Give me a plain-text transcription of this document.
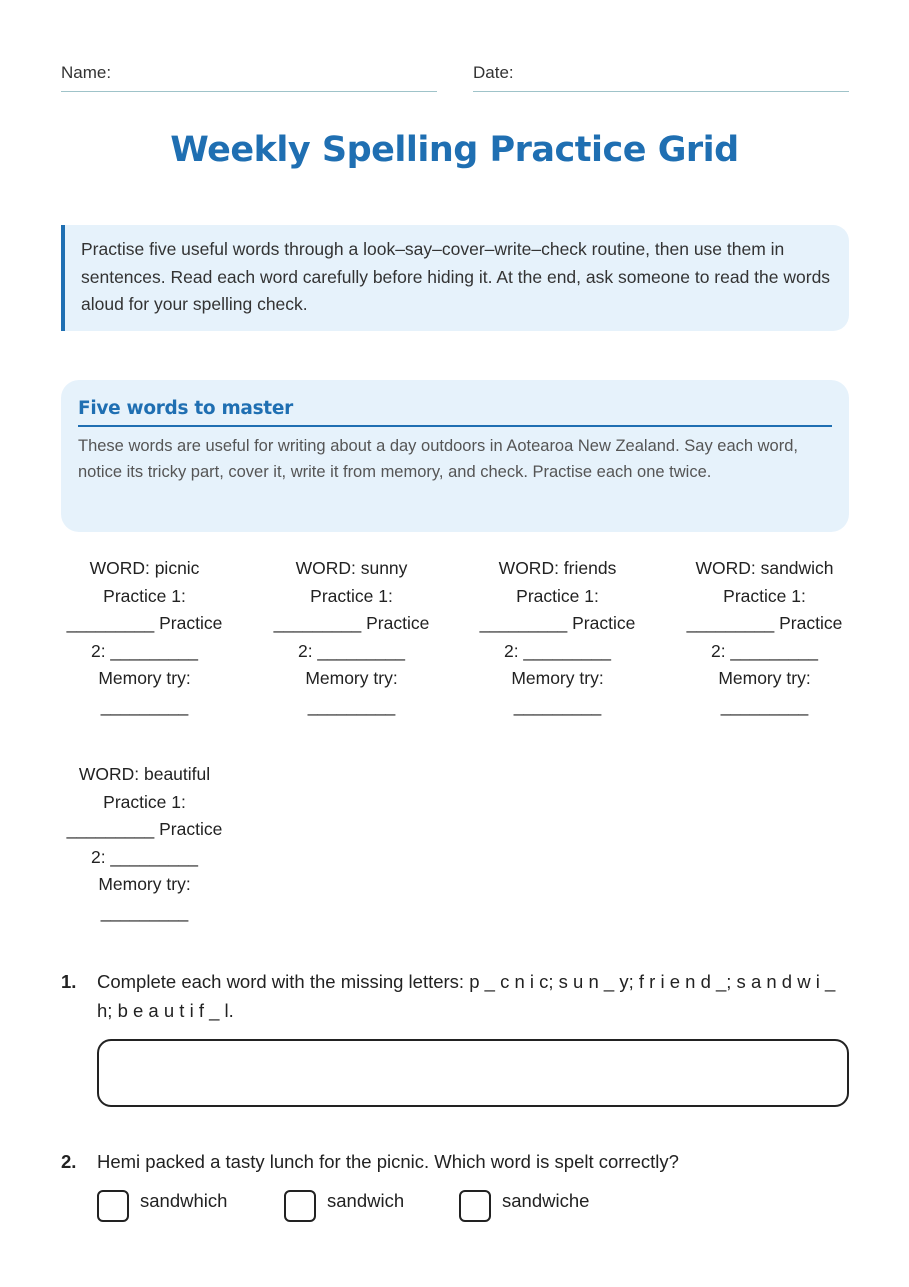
Name:	Date:
Weekly Spelling Practice Grid
Practise five useful words through a look–say–cover–write–check routine, then use them in sentences. Read each word carefully before hiding it. At the end, ask someone to read the words aloud for your spelling check.
Five words to master

These words are useful for writing about a day outdoors in Aotearoa New Zealand. Say each word, notice its tricky part, cover it, write it from memory, and check. Practise each one twice.

WORD: picnic
Practice 1:
_________ Practice
2: _________
Memory try:
_________
WORD: sunny
Practice 1:
_________ Practice
2: _________
Memory try:
_________
WORD: friends
Practice 1:
_________ Practice
2: _________
Memory try:
_________
WORD: sandwich
Practice 1:
_________ Practice
2: _________
Memory try:
_________
WORD: beautiful
Practice 1:
_________ Practice
2: _________
Memory try:
_________
1. Complete each word with the missing letters: p _ c n i c; s u n _ y; f r i e n d _; s a n d w i _ h; b e a u t i f _ l.
2. Hemi packed a tasty lunch for the picnic. Which word is spelt correctly?
sandwhich	sandwich	sandwiche
